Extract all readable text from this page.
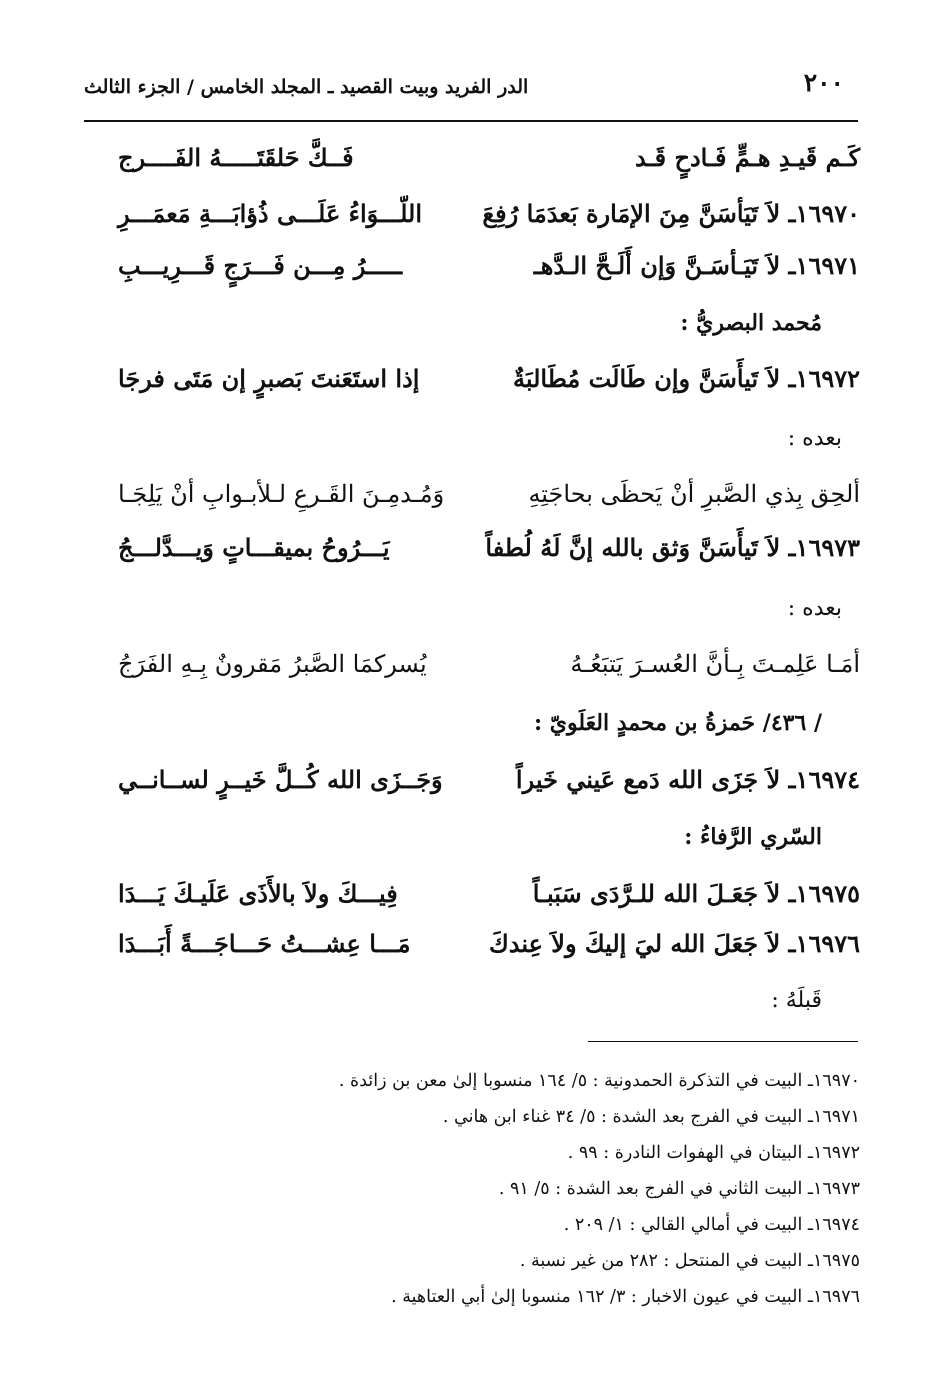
٢٠٠
الدر الفريد وبيت القصيد ـ المجلد الخامس / الجزء الثالث
كَـم قَيـدِ هـمٍّ فَـادحٍ قَـد
فَــكَّ حَلقَتَـــــهُ الفَــــرج
١٦٩٧٠ـ لاَ تَيَأسَنَّ مِنَ الإمَارة بَعدَمَا رُفِعَ
اللّـــوَاءُ عَلَـــى ذُؤابَـــةِ مَعمَـــرِ
١٦٩٧١ـ لاَ تَيَـأسَـنَّ وَإن أَلَـحَّ الـدَّهـ
ـــــرُ مِـــن فَـــرَجٍ قَـــرِيـــبِ
مُحمد البصريُّ :
١٦٩٧٢ـ لاَ تَيأَسَنَّ وإن طَالَت مُطَالبَةٌ
إذا استَعَنتَ بَصبرٍ إن مَتَى فرجَا
بعده :
ألحِق بِذي الصَّبرِ أنْ يَحظَى بحاجَتِهِ
وَمُـدمِـنَ القَـرعِ لـلأبـوابِ أنْ يَلِجَـا
١٦٩٧٣ـ لاَ تَيأَسَنَّ وَثق بالله إنَّ لَهُ لُطفاً
يَـــرُوحُ بميقـــاتٍ وَيـــدَّلـــجُ
بعده :
أمَـا عَلِمـتَ بِـأنَّ العُسـرَ يَتبَعُـهُ
يُسركمَا الصَّبرُ مَقرونٌ بِـهِ الفَرَجُ
/ ٤٣٦/ حَمزةُ بن محمدٍ العَلَويّ :
١٦٩٧٤ـ لاَ جَزَى الله دَمع عَيني خَيراً
وَجَــزَى الله كُــلَّ خَيــرٍ لســانــي
السّري الرَّفاءُ :
١٦٩٧٥ـ لاَ جَعَـلَ الله للـرَّدَى سَبَبـاً
فِيـــكَ ولاَ بالأَذَى عَلَيـكَ يَـــدَا
١٦٩٧٦ـ لاَ جَعَلَ الله ليَ إليكَ ولاَ عِندكَ
مَـــا عِشـــتُ حَـــاجَـــةً أَبَـــدَا
قَبلَهُ :
١٦٩٧٠ـ البيت في التذكرة الحمدونية : ٥/ ١٦٤ منسوبا إلىٰ معن بن زائدة .
١٦٩٧١ـ البيت في الفرج بعد الشدة : ٥/ ٣٤ غناء ابن هاني .
١٦٩٧٢ـ البيتان في الهفوات النادرة : ٩٩ .
١٦٩٧٣ـ البيت الثاني في الفرج بعد الشدة : ٥/ ٩١ .
١٦٩٧٤ـ البيت في أمالي القالي : ١/ ٢٠٩ .
١٦٩٧٥ـ البيت في المنتحل : ٢٨٢ من غير نسبة .
١٦٩٧٦ـ البيت في عيون الاخبار : ٣/ ١٦٢ منسوبا إلىٰ أبي العتاهية .
